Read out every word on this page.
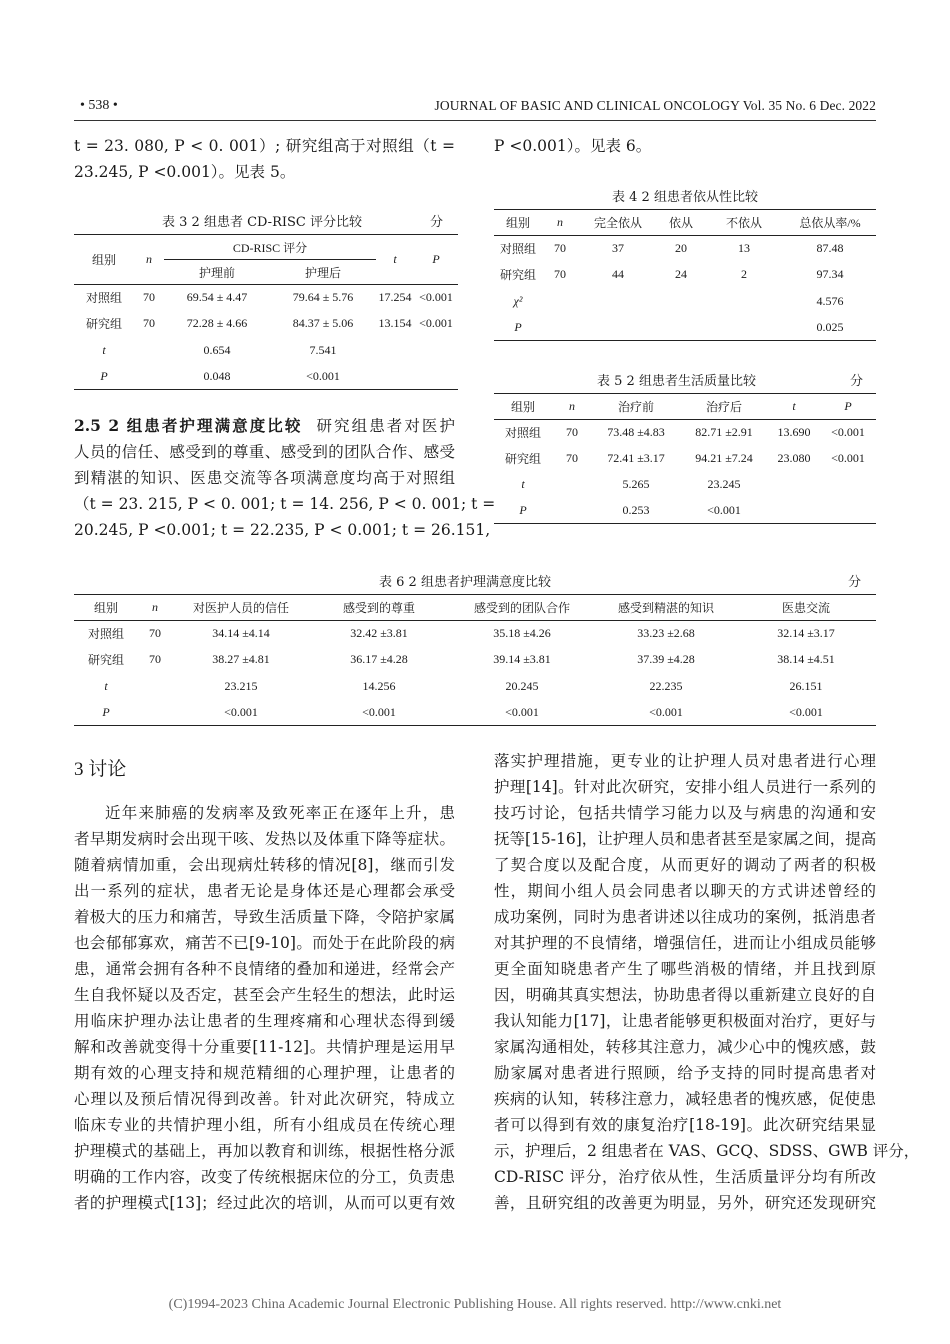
• 538 •	JOURNAL OF BASIC AND CLINICAL ONCOLOGY Vol. 35 No. 6 Dec. 2022
t = 23. 080, P < 0. 001）; 研究组高于对照组（t =
23.245, P <0.001）。见表 5。
P <0.001）。见表 6。
表 3 2 组患者 CD-RISC 评分比较	分
组别	n	CD-RISC 评分		t	P
		护理前	护理后		
对照组	70	69.54 ± 4.47	79.64 ± 5.76	17.254	<0.001
研究组	70	72.28 ± 4.66	84.37 ± 5.06	13.154	<0.001
t		0.654	7.541		
P		0.048	<0.001		
2.5 2 组患者护理满意度比较 研究组患者对医护
人员的信任、感受到的尊重、感受到的团队合作、感受
到精湛的知识、医患交流等各项满意度均高于对照组
（t = 23. 215, P < 0. 001; t = 14. 256, P < 0. 001; t =
20.245, P <0.001; t = 22.235, P < 0.001; t = 26.151,
表 4 2 组患者依从性比较
组别	n	完全依从	依从	不依从	总依从率/%
对照组	70	37	20	13	87.48
研究组	70	44	24	2	97.34
χ²					4.576
P					0.025
表 5 2 组患者生活质量比较	分
组别	n	治疗前	治疗后	t	P
对照组	70	73.48 ±4.83	82.71 ±2.91	13.690	<0.001
研究组	70	72.41 ±3.17	94.21 ±7.24	23.080	<0.001
t		5.265	23.245		
P		0.253	<0.001		
表 6 2 组患者护理满意度比较	分
组别	n	对医护人员的信任	感受到的尊重	感受到的团队合作	感受到精湛的知识	医患交流
对照组	70	34.14 ±4.14	32.42 ±3.81	35.18 ±4.26	33.23 ±2.68	32.14 ±3.17
研究组	70	38.27 ±4.81	36.17 ±4.28	39.14 ±3.81	37.39 ±4.28	38.14 ±4.51
t		23.215	14.256	20.245	22.235	26.151
P		<0.001	<0.001	<0.001	<0.001	<0.001
3 讨论
近年来肺癌的发病率及致死率正在逐年上升，患
者早期发病时会出现干咳、发热以及体重下降等症状。
随着病情加重，会出现病灶转移的情况[8]，继而引发
出一系列的症状，患者无论是身体还是心理都会承受
着极大的压力和痛苦，导致生活质量下降，令陪护家属
也会郁郁寡欢，痛苦不已[9-10]。而处于在此阶段的病
患，通常会拥有各种不良情绪的叠加和递进，经常会产
生自我怀疑以及否定，甚至会产生轻生的想法，此时运
用临床护理办法让患者的生理疼痛和心理状态得到缓
解和改善就变得十分重要[11-12]。共情护理是运用早
期有效的心理支持和规范精细的心理护理，让患者的
心理以及预后情况得到改善。针对此次研究，特成立
临床专业的共情护理小组，所有小组成员在传统心理
护理模式的基础上，再加以教育和训练，根据性格分派
明确的工作内容，改变了传统根据床位的分工，负责患
者的护理模式[13]；经过此次的培训，从而可以更有效
落实护理措施，更专业的让护理人员对患者进行心理
护理[14]。针对此次研究，安排小组人员进行一系列的
技巧讨论，包括共情学习能力以及与病患的沟通和安
抚等[15-16]，让护理人员和患者甚至是家属之间，提高
了契合度以及配合度，从而更好的调动了两者的积极
性，期间小组人员会同患者以聊天的方式讲述曾经的
成功案例，同时为患者讲述以往成功的案例，抵消患者
对其护理的不良情绪，增强信任，进而让小组成员能够
更全面知晓患者产生了哪些消极的情绪，并且找到原
因，明确其真实想法，协助患者得以重新建立良好的自
我认知能力[17]，让患者能够更积极面对治疗，更好与
家属沟通相处，转移其注意力，减少心中的愧疚感，鼓
励家属对患者进行照顾，给予支持的同时提高患者对
疾病的认知，转移注意力，减轻患者的愧疚感，促使患
者可以得到有效的康复治疗[18-19]。此次研究结果显
示，护理后，2 组患者在 VAS、GCQ、SDSS、GWB 评分，
CD-RISC 评分，治疗依从性，生活质量评分均有所改
善，且研究组的改善更为明显，另外，研究还发现研究
(C)1994-2023 China Academic Journal Electronic Publishing House. All rights reserved. http://www.cnki.net
